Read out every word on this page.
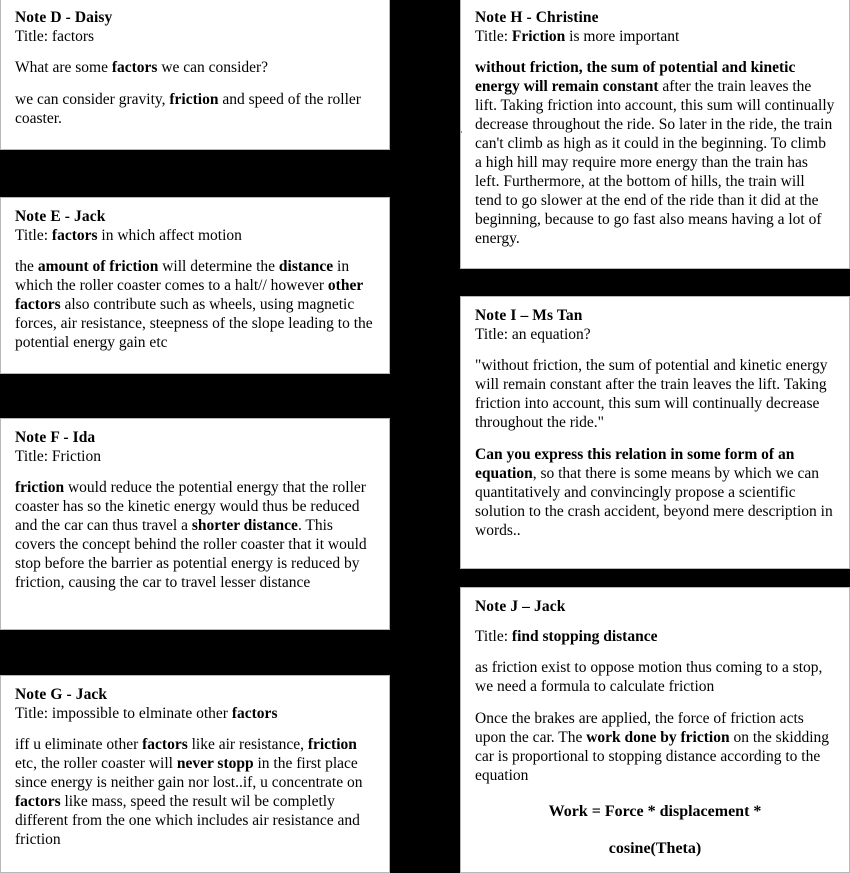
Note D - Daisy
Title: factors

What are some factors we can consider?

we can consider gravity, friction and speed of the roller coaster.

Note E - Jack
Title: factors in which affect motion

the amount of friction will determine the distance in which the roller coaster comes to a halt// however other factors also contribute such as wheels, using magnetic forces, air resistance, steepness of the slope leading to the potential energy gain etc

Note F - Ida
Title: Friction

friction would reduce the potential energy that the roller coaster has so the kinetic energy would thus be reduced and the car can thus travel a shorter distance. This covers the concept behind the roller coaster that it would stop before the barrier as potential energy is reduced by friction, causing the car to travel lesser distance

Note G - Jack
Title: impossible to elminate other factors

iff u eliminate other factors like air resistance, friction etc, the roller coaster will never stopp in the first place since energy is neither gain nor lost..if, u concentrate on factors like mass, speed the result wil be completly different from the one which includes air resistance and friction

Note H - Christine
Title: Friction is more important

without friction, the sum of potential and kinetic energy will remain constant after the train leaves the lift. Taking friction into account, this sum will continually decrease throughout the ride. So later in the ride, the train can't climb as high as it could in the beginning. To climb a high hill may require more energy than the train has left. Furthermore, at the bottom of hills, the train will tend to go slower at the end of the ride than it did at the beginning, because to go fast also means having a lot of energy.

Note I – Ms Tan
Title: an equation?

"without friction, the sum of potential and kinetic energy will remain constant after the train leaves the lift. Taking friction into account, this sum will continually decrease throughout the ride."

Can you express this relation in some form of an equation, so that there is some means by which we can quantitatively and convincingly propose a scientific solution to the crash accident, beyond mere description in words..

Note J – Jack
Title: find stopping distance

as friction exist to oppose motion thus coming to a stop, we need a formula to calculate friction

Once the brakes are applied, the force of friction acts upon the car. The work done by friction on the skidding car is proportional to stopping distance according to the equation

Work = Force * displacement *

cosine(Theta)
